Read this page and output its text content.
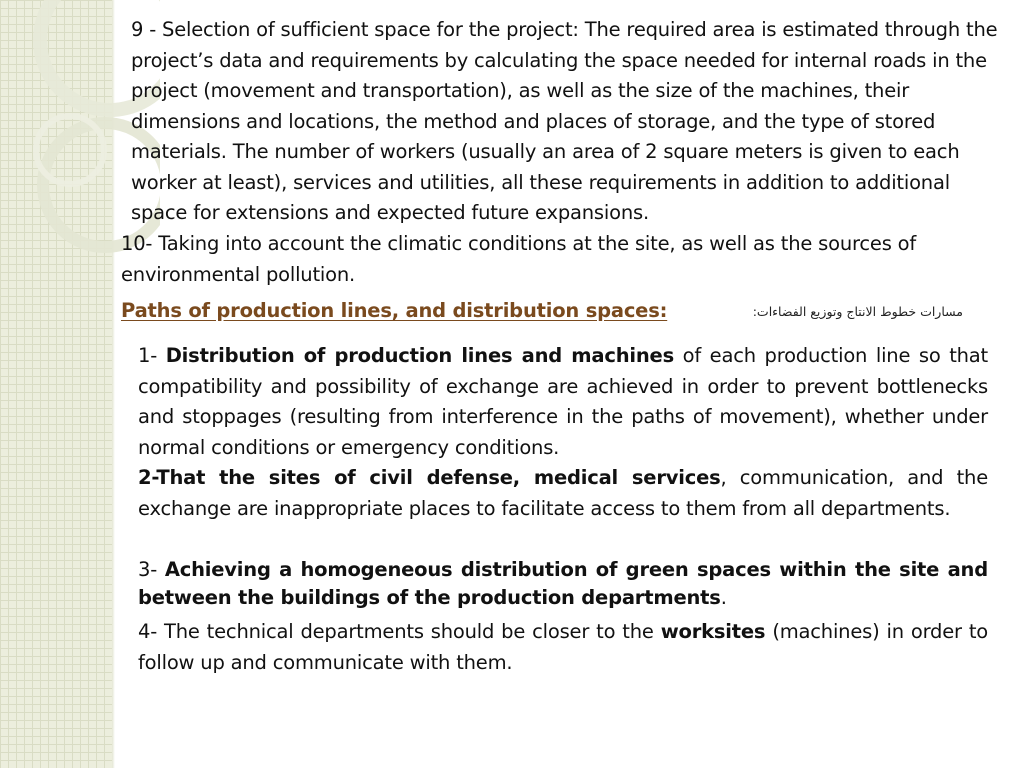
9 - Selection of sufficient space for the project: The required area is estimated through the project’s data and requirements by calculating the space needed for internal roads in the project (movement and transportation), as well as the size of the machines, their dimensions and locations, the method and places of storage, and the type of stored materials. The number of workers (usually an area of 2 square meters is given to each worker at least), services and utilities, all these requirements in addition to additional space for extensions and expected future expansions.
10- Taking into account the climatic conditions at the site, as well as the sources of environmental pollution.
Paths of production lines, and distribution spaces:	مسارات خطوط الانتاج وتوزيع الفضاءات:
1- Distribution of production lines and machines of each production line so that compatibility and possibility of exchange are achieved in order to prevent bottlenecks and stoppages (resulting from interference in the paths of movement), whether under normal conditions or emergency conditions.
2-That the sites of civil defense, medical services, communication, and the exchange are inappropriate places to facilitate access to them from all departments.
3- Achieving a homogeneous distribution of green spaces within the site and between the buildings of the production departments.
4- The technical departments should be closer to the worksites (machines) in order to follow up and communicate with them.
